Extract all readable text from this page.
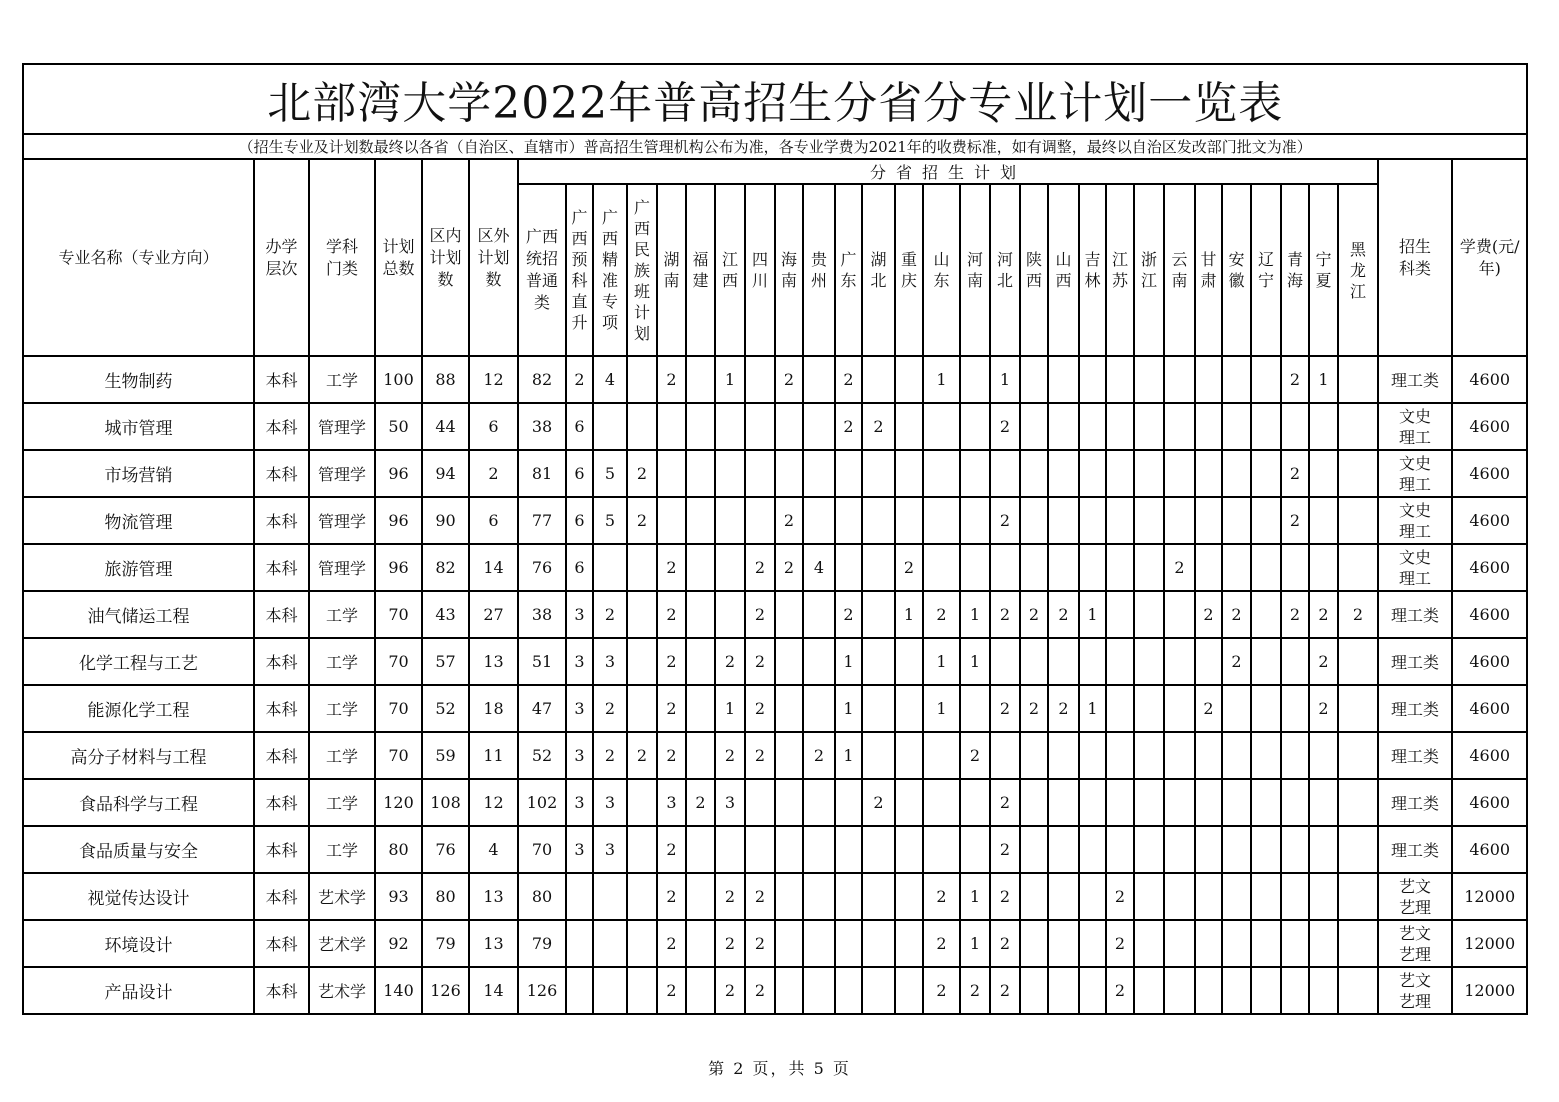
北部湾大学2022年普高招生分省分专业计划一览表																																			
（招生专业及计划数最终以各省（自治区、直辖市）普高招生管理机构公布为准，各专业学费为2021年的收费标准，如有调整，最终以自治区发改部门批文为准）																																			
专业名称（专业方向）	办学层次	学科门类	计划总数	区内计划数	区外计划数	分省招生计划																												招生科类	学费(元/年)
						广西统招普通类	广西预科直升	广西精准专项	广西民族班计划	湖南	福建	江西	四川	海南	贵州	广东	湖北	重庆	山东	河南	河北	陕西	山西	吉林	江苏	浙江	云南	甘肃	安徽	辽宁	青海	宁夏	黑龙江		
生物制药	本科	工学	100	88	12	82	2	4		2		1		2		2			1		1										2	1		理工类	4600
城市管理	本科	管理学	50	44	6	38	6									2	2				2													文史理工	4600
市场营销	本科	管理学	96	94	2	81	6	5	2																						2			文史理工	4600
物流管理	本科	管理学	96	90	6	77	6	5	2					2							2										2			文史理工	4600
旅游管理	本科	管理学	96	82	14	76	6			2			2	2	4			2									2							文史理工	4600
油气储运工程	本科	工学	70	43	27	38	3	2		2			2			2		1	2	1	2	2	2	1				2	2		2	2	2	理工类	4600
化学工程与工艺	本科	工学	70	57	13	51	3	3		2		2	2			1			1	1									2			2		理工类	4600
能源化学工程	本科	工学	70	52	18	47	3	2		2		1	2			1			1		2	2	2	1				2				2		理工类	4600
高分子材料与工程	本科	工学	70	59	11	52	3	2	2	2		2	2		2	1				2														理工类	4600
食品科学与工程	本科	工学	120	108	12	102	3	3		3	2	3					2				2													理工类	4600
食品质量与安全	本科	工学	80	76	4	70	3	3		2											2													理工类	4600
视觉传达设计	本科	艺术学	93	80	13	80				2		2	2						2	1	2				2									艺文艺理	12000
环境设计	本科	艺术学	92	79	13	79				2		2	2						2	1	2				2									艺文艺理	12000
产品设计	本科	艺术学	140	126	14	126				2		2	2						2	2	2				2									艺文艺理	12000
第 2 页，共 5 页
